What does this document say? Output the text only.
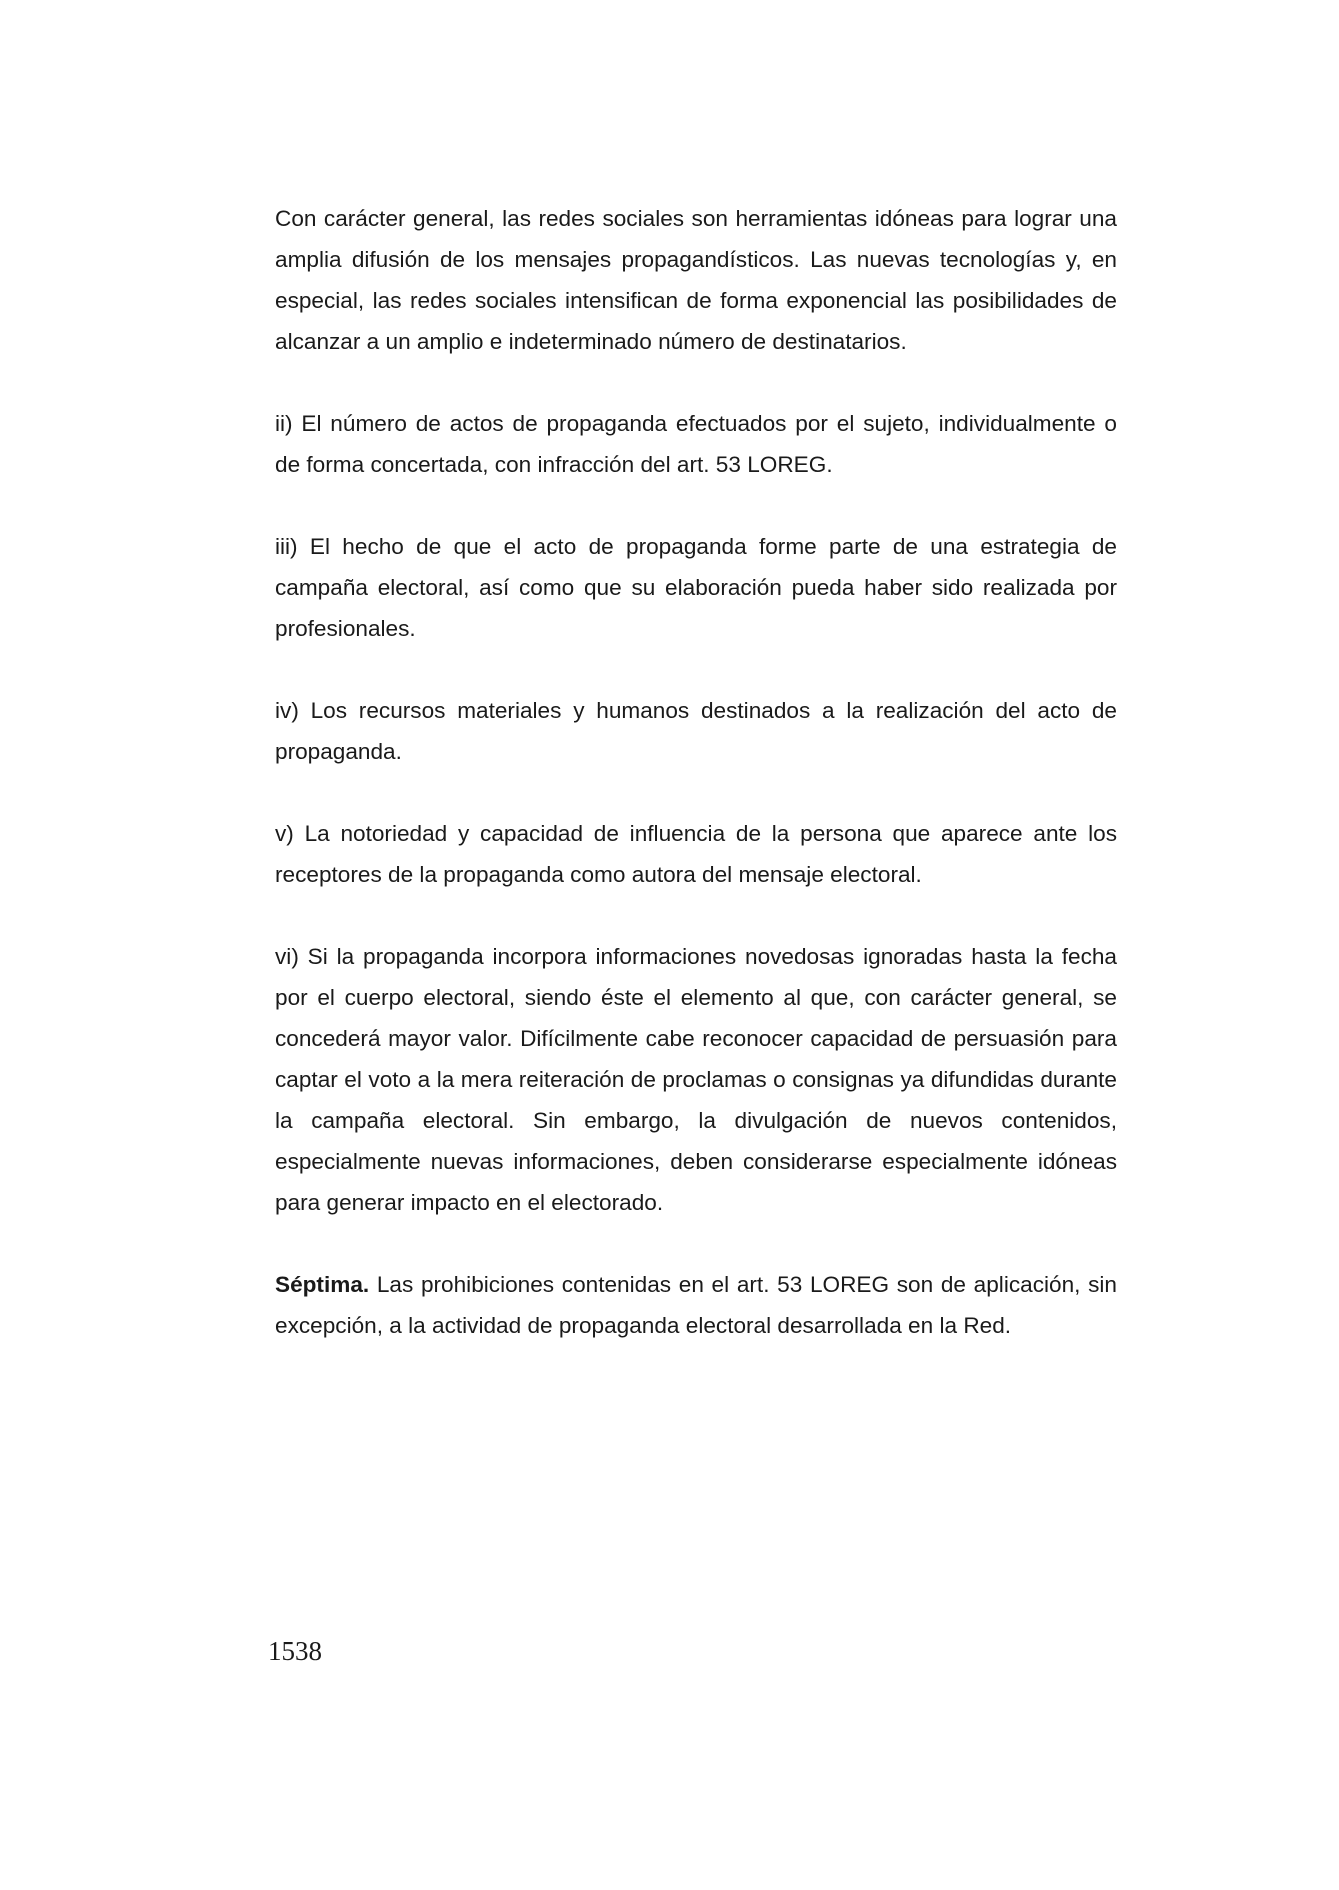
Con carácter general, las redes sociales son herramientas idóneas para lograr una amplia difusión de los mensajes propagandísticos. Las nuevas tecnologías y, en especial, las redes sociales intensifican de forma exponencial las posibilidades de alcanzar a un amplio e indeterminado número de destinatarios.

ii) El número de actos de propaganda efectuados por el sujeto, individualmente o de forma concertada, con infracción del art. 53 LOREG.

iii) El hecho de que el acto de propaganda forme parte de una estrategia de campaña electoral, así como que su elaboración pueda haber sido realizada por profesionales.

iv) Los recursos materiales y humanos destinados a la realización del acto de propaganda.

v) La notoriedad y capacidad de influencia de la persona que aparece ante los receptores de la propaganda como autora del mensaje electoral.

vi) Si la propaganda incorpora informaciones novedosas ignoradas hasta la fecha por el cuerpo electoral, siendo éste el elemento al que, con carácter general, se concederá mayor valor. Difícilmente cabe reconocer capacidad de persuasión para captar el voto a la mera reiteración de proclamas o consignas ya difundidas durante la campaña electoral. Sin embargo, la divulgación de nuevos contenidos, especialmente nuevas informaciones, deben considerarse especialmente idóneas para generar impacto en el electorado.

Séptima. Las prohibiciones contenidas en el art. 53 LOREG son de aplicación, sin excepción, a la actividad de propaganda electoral desarrollada en la Red.

1538
